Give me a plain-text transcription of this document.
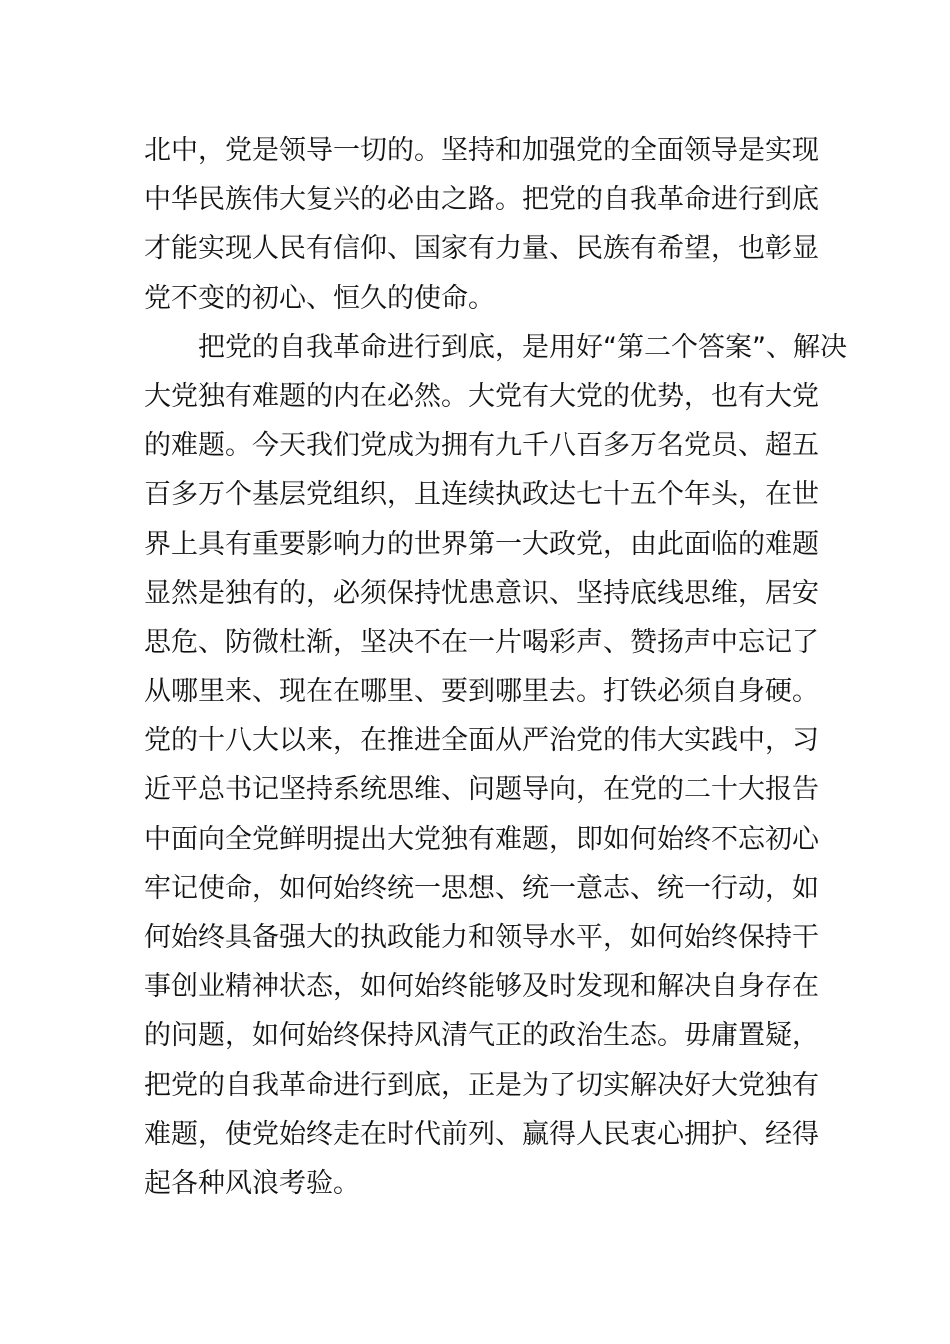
北中，党是领导一切的。坚持和加强党的全面领导是实现
中华民族伟大复兴的必由之路。把党的自我革命进行到底
才能实现人民有信仰、国家有力量、民族有希望，也彰显
党不变的初心、恒久的使命。
把党的自我革命进行到底，是用好“第二个答案”、解决
大党独有难题的内在必然。大党有大党的优势，也有大党
的难题。今天我们党成为拥有九千八百多万名党员、超五
百多万个基层党组织，且连续执政达七十五个年头，在世
界上具有重要影响力的世界第一大政党，由此面临的难题
显然是独有的，必须保持忧患意识、坚持底线思维，居安
思危、防微杜渐，坚决不在一片喝彩声、赞扬声中忘记了
从哪里来、现在在哪里、要到哪里去。打铁必须自身硬。
党的十八大以来，在推进全面从严治党的伟大实践中，习
近平总书记坚持系统思维、问题导向，在党的二十大报告
中面向全党鲜明提出大党独有难题，即如何始终不忘初心
牢记使命，如何始终统一思想、统一意志、统一行动，如
何始终具备强大的执政能力和领导水平，如何始终保持干
事创业精神状态，如何始终能够及时发现和解决自身存在
的问题，如何始终保持风清气正的政治生态。毋庸置疑，
把党的自我革命进行到底，正是为了切实解决好大党独有
难题，使党始终走在时代前列、赢得人民衷心拥护、经得
起各种风浪考验。
